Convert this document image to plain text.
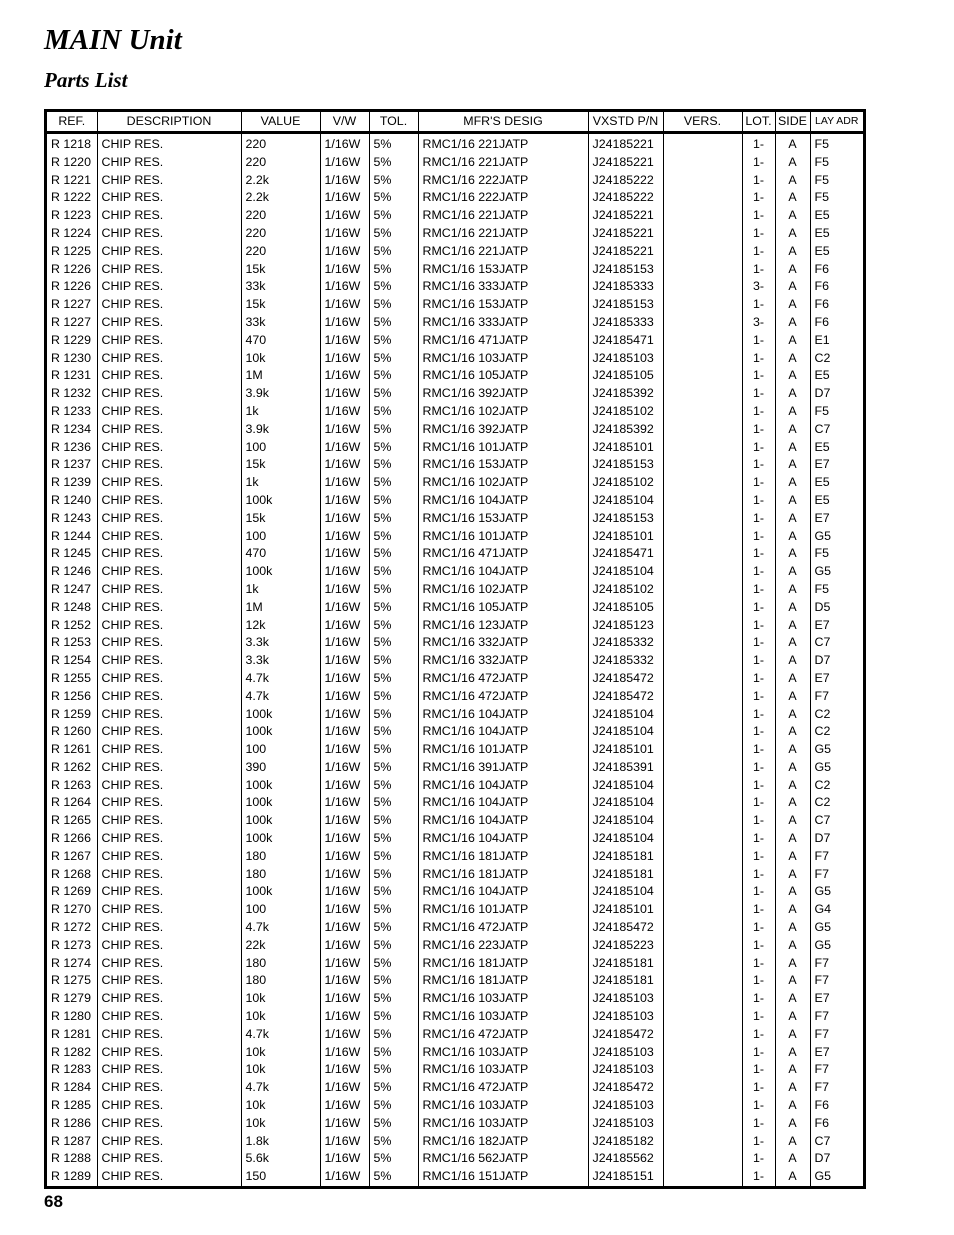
MAIN Unit
Parts List
REF.	DESCRIPTION	VALUE	V/W	TOL.	MFR'S DESIG	VXSTD P/N	VERS.	LOT.	SIDE	LAY ADR
R 1218	CHIP RES.	220	1/16W	5%	RMC1/16 221JATP	J24185221		1-	A	F5
R 1220	CHIP RES.	220	1/16W	5%	RMC1/16 221JATP	J24185221		1-	A	F5
R 1221	CHIP RES.	2.2k	1/16W	5%	RMC1/16 222JATP	J24185222		1-	A	F5
R 1222	CHIP RES.	2.2k	1/16W	5%	RMC1/16 222JATP	J24185222		1-	A	F5
R 1223	CHIP RES.	220	1/16W	5%	RMC1/16 221JATP	J24185221		1-	A	E5
R 1224	CHIP RES.	220	1/16W	5%	RMC1/16 221JATP	J24185221		1-	A	E5
R 1225	CHIP RES.	220	1/16W	5%	RMC1/16 221JATP	J24185221		1-	A	E5
R 1226	CHIP RES.	15k	1/16W	5%	RMC1/16 153JATP	J24185153		1-	A	F6
R 1226	CHIP RES.	33k	1/16W	5%	RMC1/16 333JATP	J24185333		3-	A	F6
R 1227	CHIP RES.	15k	1/16W	5%	RMC1/16 153JATP	J24185153		1-	A	F6
R 1227	CHIP RES.	33k	1/16W	5%	RMC1/16 333JATP	J24185333		3-	A	F6
R 1229	CHIP RES.	470	1/16W	5%	RMC1/16 471JATP	J24185471		1-	A	E1
R 1230	CHIP RES.	10k	1/16W	5%	RMC1/16 103JATP	J24185103		1-	A	C2
R 1231	CHIP RES.	1M	1/16W	5%	RMC1/16 105JATP	J24185105		1-	A	E5
R 1232	CHIP RES.	3.9k	1/16W	5%	RMC1/16 392JATP	J24185392		1-	A	D7
R 1233	CHIP RES.	1k	1/16W	5%	RMC1/16 102JATP	J24185102		1-	A	F5
R 1234	CHIP RES.	3.9k	1/16W	5%	RMC1/16 392JATP	J24185392		1-	A	C7
R 1236	CHIP RES.	100	1/16W	5%	RMC1/16 101JATP	J24185101		1-	A	E5
R 1237	CHIP RES.	15k	1/16W	5%	RMC1/16 153JATP	J24185153		1-	A	E7
R 1239	CHIP RES.	1k	1/16W	5%	RMC1/16 102JATP	J24185102		1-	A	E5
R 1240	CHIP RES.	100k	1/16W	5%	RMC1/16 104JATP	J24185104		1-	A	E5
R 1243	CHIP RES.	15k	1/16W	5%	RMC1/16 153JATP	J24185153		1-	A	E7
R 1244	CHIP RES.	100	1/16W	5%	RMC1/16 101JATP	J24185101		1-	A	G5
R 1245	CHIP RES.	470	1/16W	5%	RMC1/16 471JATP	J24185471		1-	A	F5
R 1246	CHIP RES.	100k	1/16W	5%	RMC1/16 104JATP	J24185104		1-	A	G5
R 1247	CHIP RES.	1k	1/16W	5%	RMC1/16 102JATP	J24185102		1-	A	F5
R 1248	CHIP RES.	1M	1/16W	5%	RMC1/16 105JATP	J24185105		1-	A	D5
R 1252	CHIP RES.	12k	1/16W	5%	RMC1/16 123JATP	J24185123		1-	A	E7
R 1253	CHIP RES.	3.3k	1/16W	5%	RMC1/16 332JATP	J24185332		1-	A	C7
R 1254	CHIP RES.	3.3k	1/16W	5%	RMC1/16 332JATP	J24185332		1-	A	D7
R 1255	CHIP RES.	4.7k	1/16W	5%	RMC1/16 472JATP	J24185472		1-	A	E7
R 1256	CHIP RES.	4.7k	1/16W	5%	RMC1/16 472JATP	J24185472		1-	A	F7
R 1259	CHIP RES.	100k	1/16W	5%	RMC1/16 104JATP	J24185104		1-	A	C2
R 1260	CHIP RES.	100k	1/16W	5%	RMC1/16 104JATP	J24185104		1-	A	C2
R 1261	CHIP RES.	100	1/16W	5%	RMC1/16 101JATP	J24185101		1-	A	G5
R 1262	CHIP RES.	390	1/16W	5%	RMC1/16 391JATP	J24185391		1-	A	G5
R 1263	CHIP RES.	100k	1/16W	5%	RMC1/16 104JATP	J24185104		1-	A	C2
R 1264	CHIP RES.	100k	1/16W	5%	RMC1/16 104JATP	J24185104		1-	A	C2
R 1265	CHIP RES.	100k	1/16W	5%	RMC1/16 104JATP	J24185104		1-	A	C7
R 1266	CHIP RES.	100k	1/16W	5%	RMC1/16 104JATP	J24185104		1-	A	D7
R 1267	CHIP RES.	180	1/16W	5%	RMC1/16 181JATP	J24185181		1-	A	F7
R 1268	CHIP RES.	180	1/16W	5%	RMC1/16 181JATP	J24185181		1-	A	F7
R 1269	CHIP RES.	100k	1/16W	5%	RMC1/16 104JATP	J24185104		1-	A	G5
R 1270	CHIP RES.	100	1/16W	5%	RMC1/16 101JATP	J24185101		1-	A	G4
R 1272	CHIP RES.	4.7k	1/16W	5%	RMC1/16 472JATP	J24185472		1-	A	G5
R 1273	CHIP RES.	22k	1/16W	5%	RMC1/16 223JATP	J24185223		1-	A	G5
R 1274	CHIP RES.	180	1/16W	5%	RMC1/16 181JATP	J24185181		1-	A	F7
R 1275	CHIP RES.	180	1/16W	5%	RMC1/16 181JATP	J24185181		1-	A	F7
R 1279	CHIP RES.	10k	1/16W	5%	RMC1/16 103JATP	J24185103		1-	A	E7
R 1280	CHIP RES.	10k	1/16W	5%	RMC1/16 103JATP	J24185103		1-	A	F7
R 1281	CHIP RES.	4.7k	1/16W	5%	RMC1/16 472JATP	J24185472		1-	A	F7
R 1282	CHIP RES.	10k	1/16W	5%	RMC1/16 103JATP	J24185103		1-	A	E7
R 1283	CHIP RES.	10k	1/16W	5%	RMC1/16 103JATP	J24185103		1-	A	F7
R 1284	CHIP RES.	4.7k	1/16W	5%	RMC1/16 472JATP	J24185472		1-	A	F7
R 1285	CHIP RES.	10k	1/16W	5%	RMC1/16 103JATP	J24185103		1-	A	F6
R 1286	CHIP RES.	10k	1/16W	5%	RMC1/16 103JATP	J24185103		1-	A	F6
R 1287	CHIP RES.	1.8k	1/16W	5%	RMC1/16 182JATP	J24185182		1-	A	C7
R 1288	CHIP RES.	5.6k	1/16W	5%	RMC1/16 562JATP	J24185562		1-	A	D7
R 1289	CHIP RES.	150	1/16W	5%	RMC1/16 151JATP	J24185151		1-	A	G5
68
